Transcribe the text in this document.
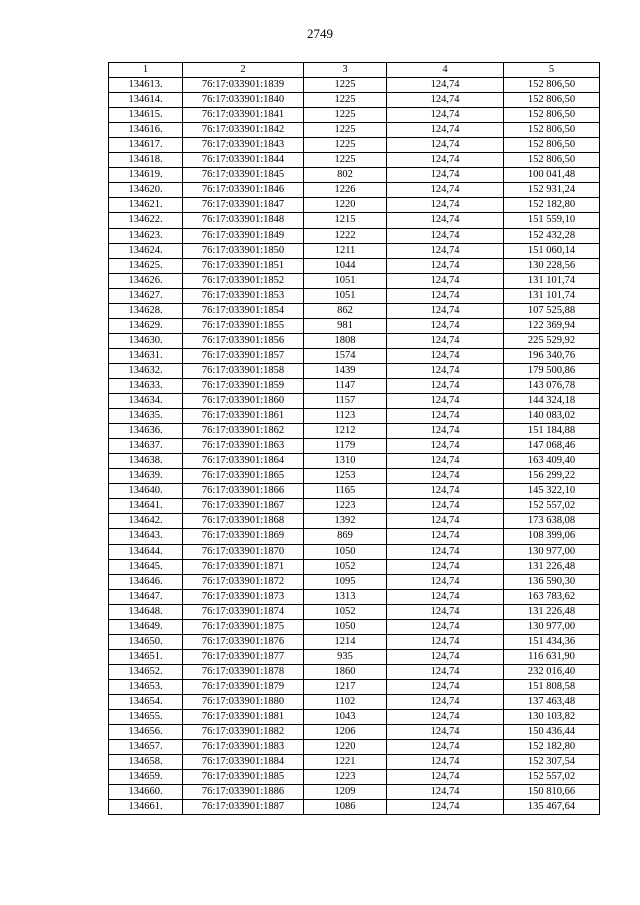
2749
1	2	3	4	5
134613.	76:17:033901:1839	1225	124,74	152 806,50
134614.	76:17:033901:1840	1225	124,74	152 806,50
134615.	76:17:033901:1841	1225	124,74	152 806,50
134616.	76:17:033901:1842	1225	124,74	152 806,50
134617.	76:17:033901:1843	1225	124,74	152 806,50
134618.	76:17:033901:1844	1225	124,74	152 806,50
134619.	76:17:033901:1845	802	124,74	100 041,48
134620.	76:17:033901:1846	1226	124,74	152 931,24
134621.	76:17:033901:1847	1220	124,74	152 182,80
134622.	76:17:033901:1848	1215	124,74	151 559,10
134623.	76:17:033901:1849	1222	124,74	152 432,28
134624.	76:17:033901:1850	1211	124,74	151 060,14
134625.	76:17:033901:1851	1044	124,74	130 228,56
134626.	76:17:033901:1852	1051	124,74	131 101,74
134627.	76:17:033901:1853	1051	124,74	131 101,74
134628.	76:17:033901:1854	862	124,74	107 525,88
134629.	76:17:033901:1855	981	124,74	122 369,94
134630.	76:17:033901:1856	1808	124,74	225 529,92
134631.	76:17:033901:1857	1574	124,74	196 340,76
134632.	76:17:033901:1858	1439	124,74	179 500,86
134633.	76:17:033901:1859	1147	124,74	143 076,78
134634.	76:17:033901:1860	1157	124,74	144 324,18
134635.	76:17:033901:1861	1123	124,74	140 083,02
134636.	76:17:033901:1862	1212	124,74	151 184,88
134637.	76:17:033901:1863	1179	124,74	147 068,46
134638.	76:17:033901:1864	1310	124,74	163 409,40
134639.	76:17:033901:1865	1253	124,74	156 299,22
134640.	76:17:033901:1866	1165	124,74	145 322,10
134641.	76:17:033901:1867	1223	124,74	152 557,02
134642.	76:17:033901:1868	1392	124,74	173 638,08
134643.	76:17:033901:1869	869	124,74	108 399,06
134644.	76:17:033901:1870	1050	124,74	130 977,00
134645.	76:17:033901:1871	1052	124,74	131 226,48
134646.	76:17:033901:1872	1095	124,74	136 590,30
134647.	76:17:033901:1873	1313	124,74	163 783,62
134648.	76:17:033901:1874	1052	124,74	131 226,48
134649.	76:17:033901:1875	1050	124,74	130 977,00
134650.	76:17:033901:1876	1214	124,74	151 434,36
134651.	76:17:033901:1877	935	124,74	116 631,90
134652.	76:17:033901:1878	1860	124,74	232 016,40
134653.	76:17:033901:1879	1217	124,74	151 808,58
134654.	76:17:033901:1880	1102	124,74	137 463,48
134655.	76:17:033901:1881	1043	124,74	130 103,82
134656.	76:17:033901:1882	1206	124,74	150 436,44
134657.	76:17:033901:1883	1220	124,74	152 182,80
134658.	76:17:033901:1884	1221	124,74	152 307,54
134659.	76:17:033901:1885	1223	124,74	152 557,02
134660.	76:17:033901:1886	1209	124,74	150 810,66
134661.	76:17:033901:1887	1086	124,74	135 467,64
